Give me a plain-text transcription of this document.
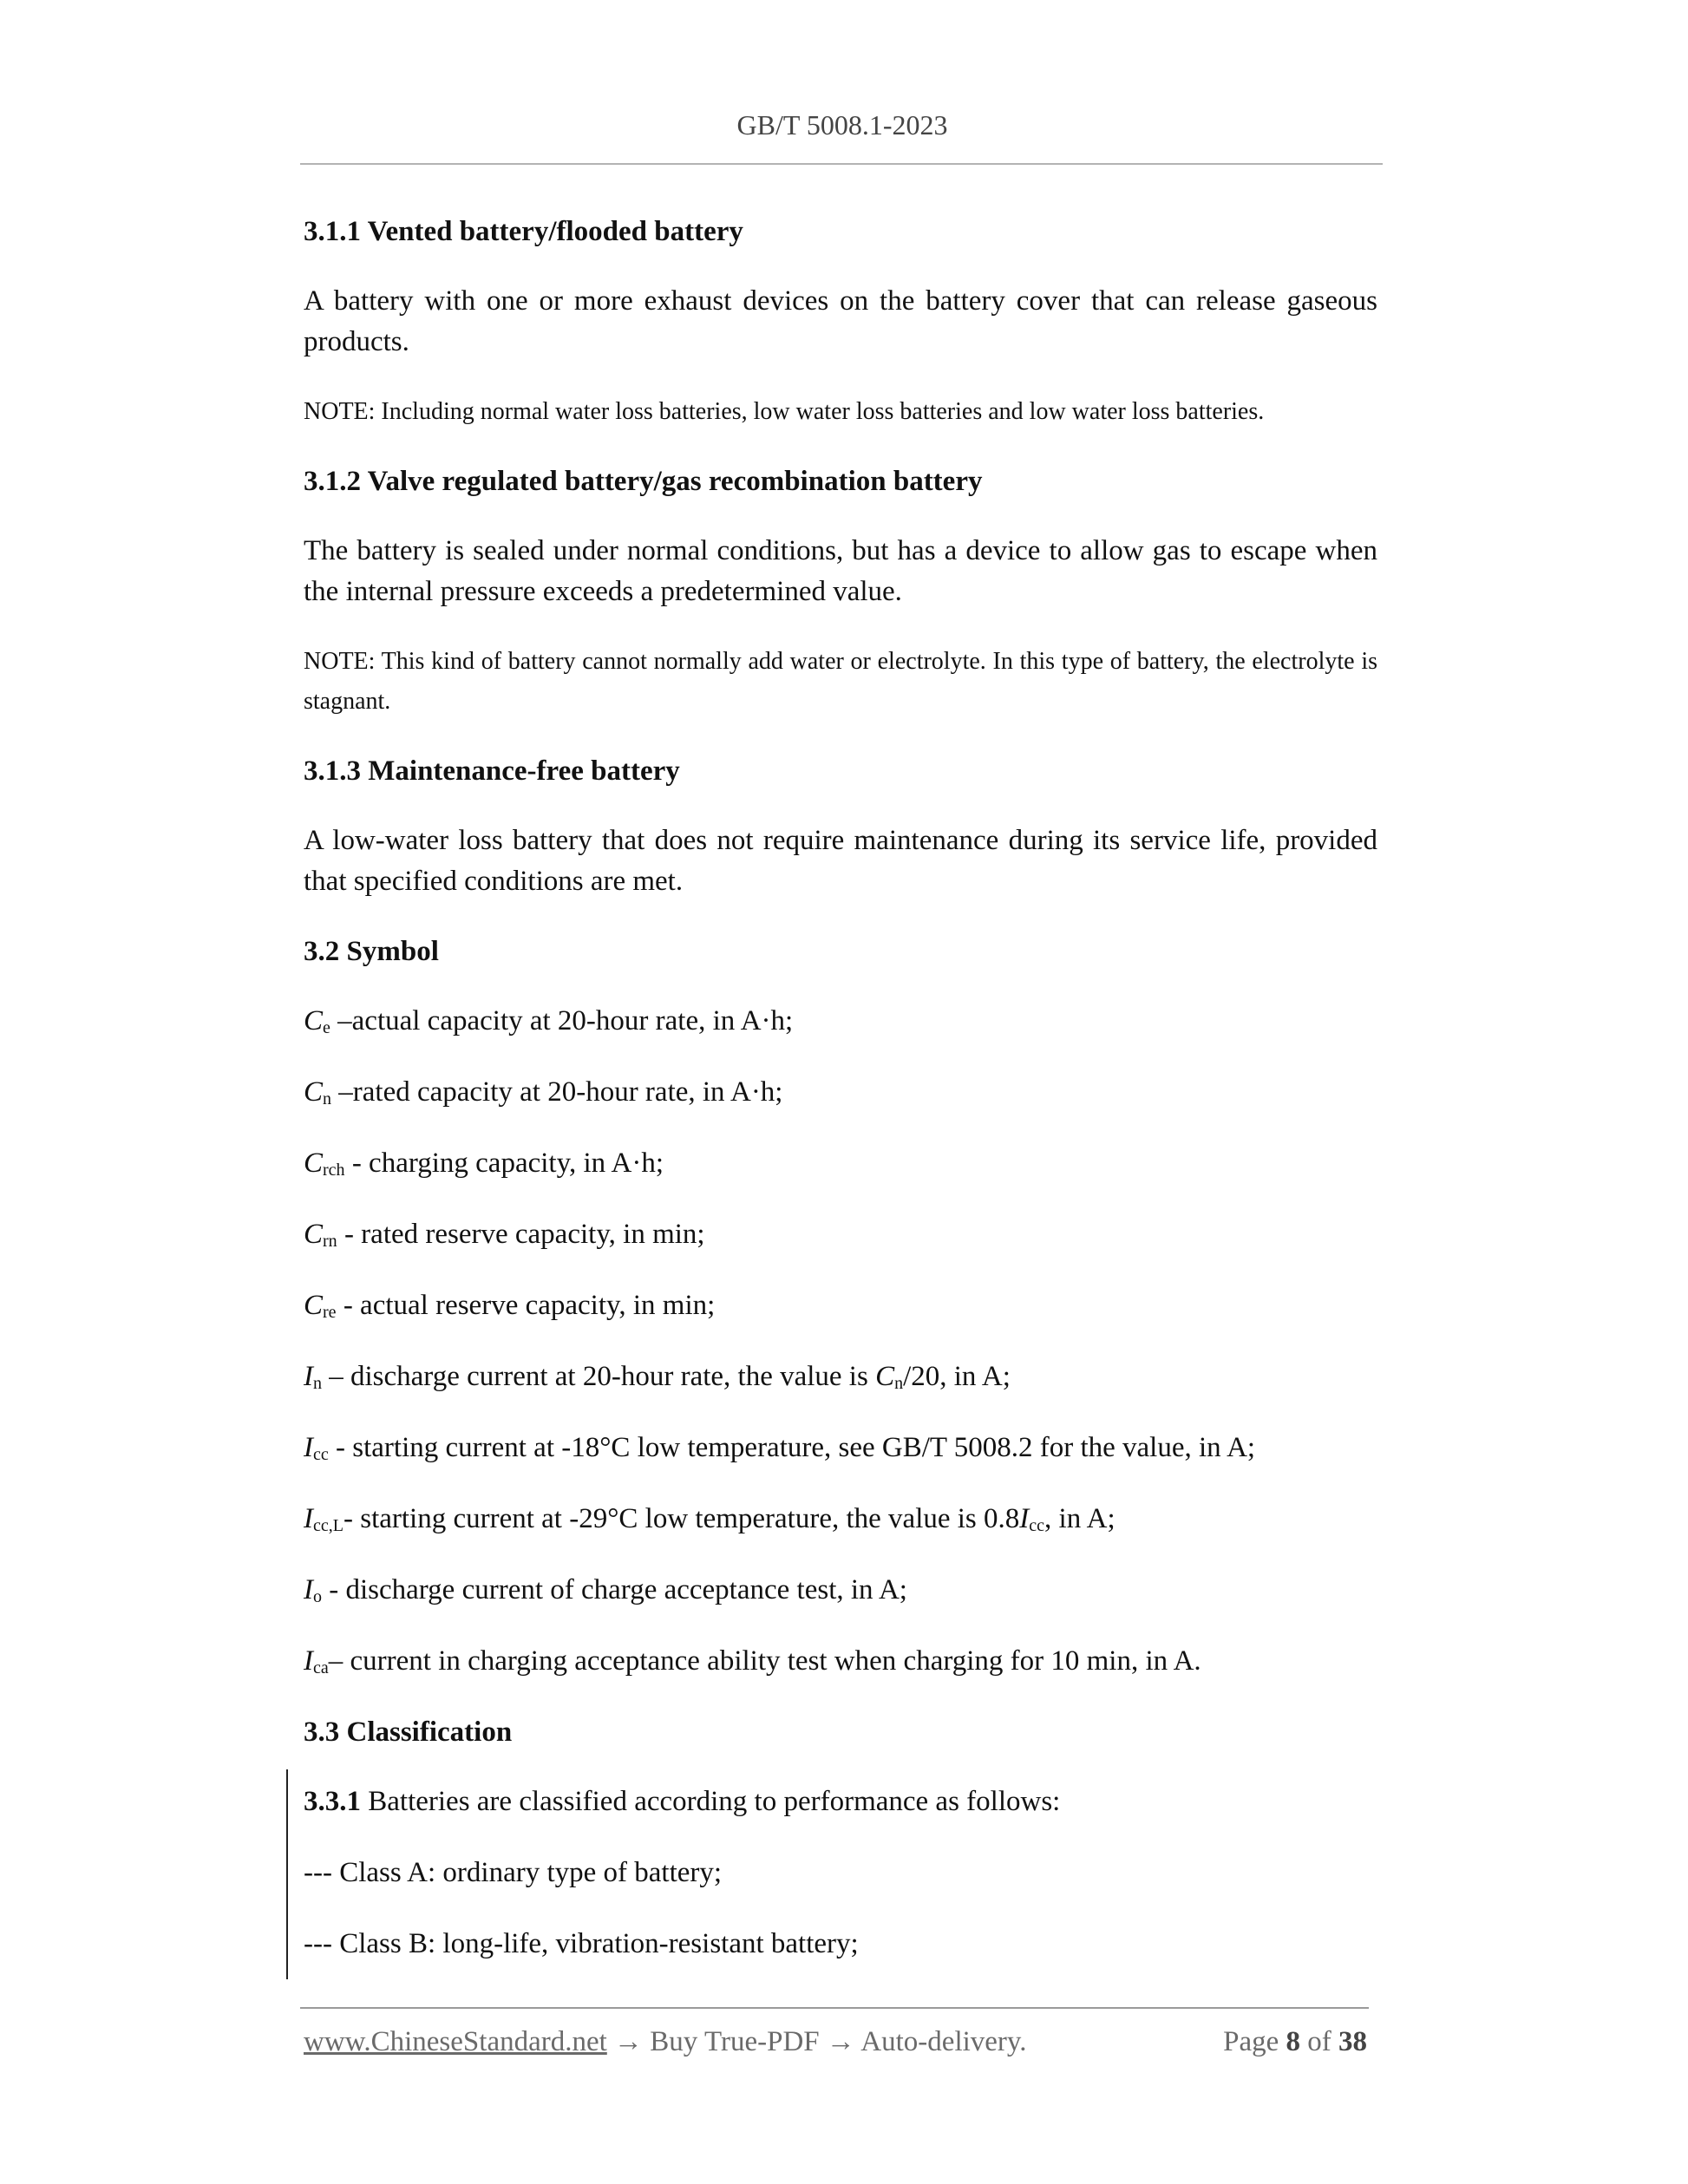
GB/T 5008.1-2023
3.1.1 Vented battery/flooded battery
A battery with one or more exhaust devices on the battery cover that can release gaseous products.
NOTE: Including normal water loss batteries, low water loss batteries and low water loss batteries.
3.1.2 Valve regulated battery/gas recombination battery
The battery is sealed under normal conditions, but has a device to allow gas to escape when the internal pressure exceeds a predetermined value.
NOTE: This kind of battery cannot normally add water or electrolyte. In this type of battery, the electrolyte is stagnant.
3.1.3 Maintenance-free battery
A low-water loss battery that does not require maintenance during its service life, provided that specified conditions are met.
3.2 Symbol
$C_e$ –actual capacity at 20-hour rate, in A·h;
$C_n$ –rated capacity at 20-hour rate, in A·h;
$C_{rch}$ - charging capacity, in A·h;
$C_{rn}$ - rated reserve capacity, in min;
$C_{re}$ - actual reserve capacity, in min;
$I_n$ – discharge current at 20-hour rate, the value is $C_n/20$, in A;
$I_{cc}$ - starting current at -18°C low temperature, see GB/T 5008.2 for the value, in A;
$I_{cc,L}-$ starting current at -29°C low temperature, the value is $0.8I_{cc}$, in A;
$I_o$ - discharge current of charge acceptance test, in A;
$I_{ca}-$ current in charging acceptance ability test when charging for 10 min, in A.
3.3 Classification
3.3.1 Batteries are classified according to performance as follows:
--- Class A: ordinary type of battery;
--- Class B: long-life, vibration-resistant battery;
www.ChineseStandard.net → Buy True-PDF → Auto-delivery.	Page 8 of 38
